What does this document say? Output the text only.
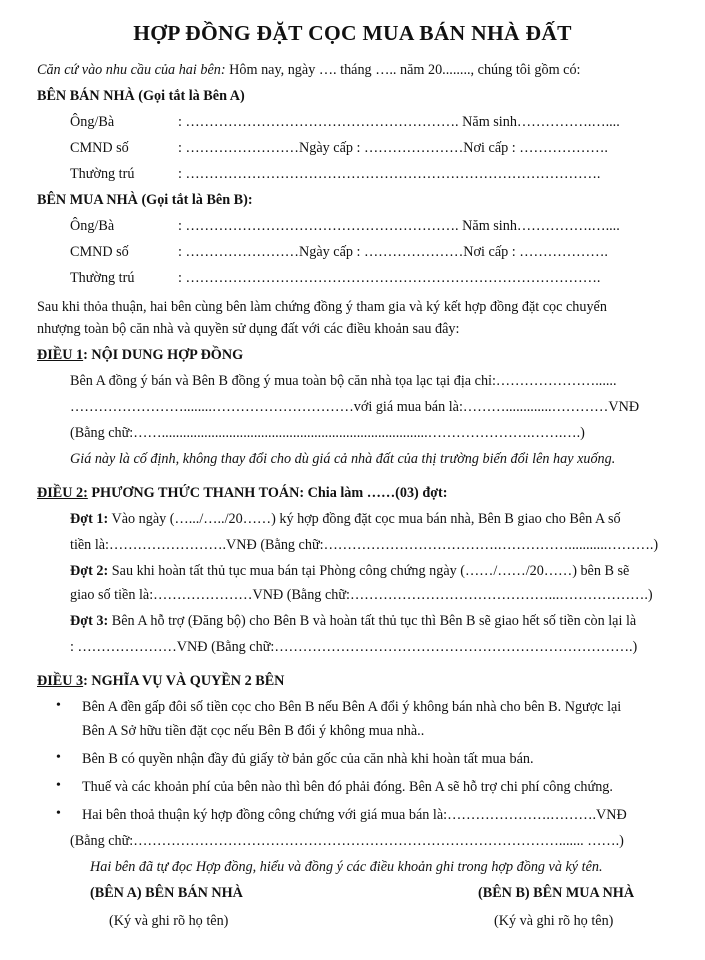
HỢP ĐỒNG ĐẶT CỌC MUA BÁN NHÀ ĐẤT
Căn cứ vào nhu cầu của hai bên: Hôm nay, ngày …. tháng ….. năm 20........, chúng tôi gồm có:
BÊN BÁN NHÀ (Gọi tắt là Bên A)
Ông/Bà	: …………………………………………………. Năm sinh…………….…....
CMND số	: ……………………Ngày cấp : …………………Nơi cấp : ……………….
Thường trú	: …………………………………………………………………………….
BÊN MUA NHÀ (Gọi tắt là Bên B):
Ông/Bà	: …………………………………………………. Năm sinh…………….…....
CMND số	: ……………………Ngày cấp : …………………Nơi cấp : ……………….
Thường trú	: …………………………………………………………………………….
Sau khi thỏa thuận, hai bên cùng bên làm chứng đồng ý tham gia và ký kết hợp đồng đặt cọc chuyển
nhượng toàn bộ căn nhà và quyền sử dụng đất với các điều khoản sau đây:
ĐIỀU 1: NỘI DUNG HỢP ĐỒNG
Bên A đồng ý bán và Bên B đồng ý mua toàn bộ căn nhà tọa lạc tại địa chỉ:…………………......
……………………........…………………………với giá mua bán là:……….............…………VNĐ
(Bằng chữ:……...........................................................................………………….…….….)
Giá này là cố định, không thay đổi cho dù giá cả nhà đất của thị trường biến đổi lên hay xuống.
ĐIỀU 2: PHƯƠNG THỨC THANH TOÁN: Chia làm ……(03) đợt:
Đợt 1: Vào ngày (….../…../20……) ký hợp đồng đặt cọc mua bán nhà, Bên B giao cho Bên A số
tiền là:…………………….VNĐ (Bằng chữ:……………………………….……………...........……….)
Đợt 2: Sau khi hoàn tất thủ tục mua bán tại Phòng công chứng ngày (……/……/20……) bên B sẽ
giao số tiền là:…………………VNĐ (Bằng chữ:……………………………………...……………….)
Đợt 3: Bên A hỗ trợ (Đăng bộ) cho Bên B và hoàn tất thủ tục thì Bên B sẽ giao hết số tiền còn lại là
: …………………VNĐ (Bằng chữ:………………………………………………………………….)
ĐIỀU 3: NGHĨA VỤ VÀ QUYỀN 2 BÊN
• Bên A đền gấp đôi số tiền cọc cho Bên B nếu Bên A đổi ý không bán nhà cho bên B. Ngược lại
Bên A Sở hữu tiền đặt cọc nếu Bên B đổi ý không mua nhà..
• Bên B có quyền nhận đầy đủ giấy tờ bản gốc của căn nhà khi hoàn tất mua bán.
• Thuế và các khoản phí của bên nào thì bên đó phải đóng. Bên A sẽ hỗ trợ chi phí công chứng.
• Hai bên thoả thuận ký hợp đồng công chứng với giá mua bán là:………………….……….VNĐ
(Bằng chữ:………………………………………………………………………………....... …….)
Hai bên đã tự đọc Hợp đồng, hiểu và đồng ý các điều khoản ghi trong hợp đồng và ký tên.
(BÊN A) BÊN BÁN NHÀ
(Ký và ghi rõ họ tên)
(BÊN B) BÊN MUA NHÀ
(Ký và ghi rõ họ tên)
